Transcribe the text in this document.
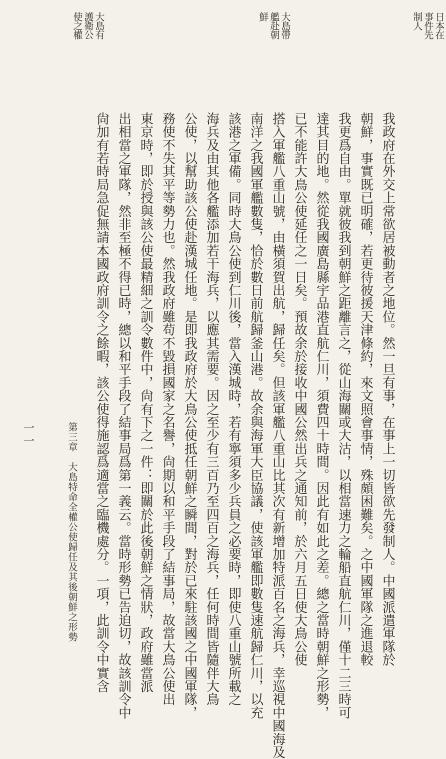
日本在

事件先

制人

大島帶

艦赴朝

鮮

大島有

護衛公

使之權

我政府在外交上常欲居被動者之地位。然一旦有事，在事上一切皆欲先發制人。中國派遣軍隊於

朝鮮，事實既已明確，若更待彼援天津條約，來文照會事情，殊頗困難矣。之中國軍隊之進退較

我更爲自由。單就彼我到朝鮮之距離言之，從山海關或大沽，以相當速力之輪船直航仁川，僅十二三時可

達其目的地。然從我國廣島縣宇品港直航仁川，須費四十時間。因此有如此之差。總之當時朝鮮之形勢，

已不能許大鳥公使延任之一日矣。預故余於接收中國公然出兵之通知前，於六月五日使大鳥公使

搭入軍艦八重山號，由橫須賀出航，歸任矣。但該軍艦八重山比其次有新增加特派百名之海兵，幸巡視中國海及

南洋之我國軍艦數隻，恰於數日前航歸釜山港。故余與海軍大臣協議，使該軍艦即數隻速航歸仁川，以充

該港之軍備。同時大鳥公使到仁川後，當入漢城時，若有寧須多少兵員之必要時，即使八重山號所載之

海兵及由其他各艦添加若干海兵，以應其需要。因之至少有三百乃至四百之海兵，任何時間皆隨伴大鳥

公使，以幫助該公使赴漢城任地。是即我政府於大鳥公使抵任朝鮮之瞬間，對於已來駐該國之中國軍隊，

務使不失其平等勢力也。然我政府雖苟不毀損國家之名譽，尙期以和平手段了結事局，故當大鳥公使出

東京時，即於授與該公使最精細之訓令數件中，尙有下之一件：即關於此後朝鮮之情狀，政府雖當派

出相當之軍隊，然非至極不得已時，總以和平手段了結事局爲第一義云。當時形勢已告迫切，故該訓令中

尙加有若時局急促無請本國政府訓令之餘暇，該公使得施認爲適當之臨機處分。一項，此訓令中實含

第三章　大島特命全權公使歸任及其後朝鮮之形勢

一一
